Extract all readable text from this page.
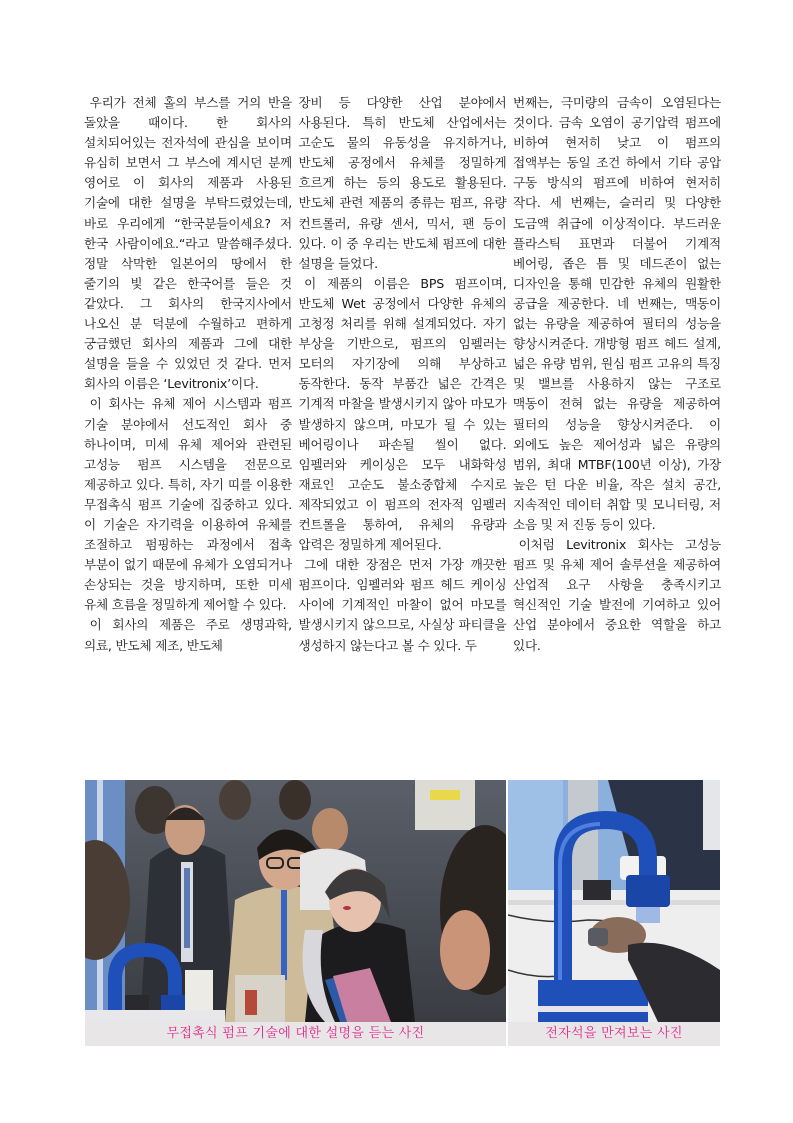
우리가 전체 홀의 부스를 거의 반을 돌았을 때이다. 한 회사의 설치되어있는 전자석에 관심을 보이며 유심히 보면서 그 부스에 계시던 분께 영어로 이 회사의 제품과 사용된 기술에 대한 설명을 부탁드렸었는데, 바로 우리에게 “한국분들이세요? 저 한국 사람이에요.“라고 말씀해주셨다. 정말 삭막한 일본어의 땅에서 한 줄기의 빛 같은 한국어를 들은 것 같았다. 그 회사의 한국지사에서 나오신 분 덕분에 수월하고 편하게 궁금했던 회사의 제품과 그에 대한 설명을 들을 수 있었던 것 같다. 먼저 회사의 이름은 ‘Levitronix’이다.

이 회사는 유체 제어 시스템과 펌프 기술 분야에서 선도적인 회사 중 하나이며, 미세 유체 제어와 관련된 고성능 펌프 시스템을 전문으로 제공하고 있다. 특히, 자기 띠를 이용한 무접촉식 펌프 기술에 집중하고 있다. 이 기술은 자기력을 이용하여 유체를 조절하고 펌핑하는 과정에서 접촉 부분이 없기 때문에 유체가 오염되거나 손상되는 것을 방지하며, 또한 미세 유체 흐름을 정밀하게 제어할 수 있다.

이 회사의 제품은 주로 생명과학, 의료, 반도체 제조, 반도체

장비 등 다양한 산업 분야에서 사용된다. 특히 반도체 산업에서는 고순도 물의 유동성을 유지하거나, 반도체 공정에서 유체를 정밀하게 흐르게 하는 등의 용도로 활용된다. 반도체 관련 제품의 종류는 펌프, 유량 컨트롤러, 유량 센서, 믹서, 팬 등이 있다. 이 중 우리는 반도체 펌프에 대한 설명을 들었다.

이 제품의 이름은 BPS 펌프이며, 반도체 Wet 공정에서 다양한 유체의 고청정 처리를 위해 설계되었다. 자기 부상을 기반으로, 펌프의 임펠러는 모터의 자기장에 의해 부상하고 동작한다. 동작 부품간 넓은 간격은 기계적 마찰을 발생시키지 않아 마모가 발생하지 않으며, 마모가 될 수 있는 베어링이나 파손될 씰이 없다. 임펠러와 케이싱은 모두 내화학성 재료인 고순도 불소중합체 수지로 제작되었고 이 펌프의 전자적 임펠러 컨트롤을 통하여, 유체의 유량과 압력은 정밀하게 제어된다.

그에 대한 장점은 먼저 가장 깨끗한 펌프이다. 임펠러와 펌프 헤드 케이싱 사이에 기계적인 마찰이 없어 마모를 발생시키지 않으므로, 사실상 파티클을 생성하지 않는다고 볼 수 있다. 두

번째는, 극미량의 금속이 오염된다는 것이다. 금속 오염이 공기압력 펌프에 비하여 현저히 낮고 이 펌프의 접액부는 동일 조건 하에서 기타 공압 구동 방식의 펌프에 비하여 현저히 작다. 세 번째는, 슬러리 및 다양한 도금액 취급에 이상적이다. 부드러운 플라스틱 표면과 더불어 기계적 베어링, 좁은 틈 및 데드존이 없는 디자인을 통해 민감한 유체의 원활한 공급을 제공한다. 네 번째는, 맥동이 없는 유량을 제공하여 필터의 성능을 향상시켜준다. 개방형 펌프 헤드 설계, 넓은 유량 범위, 원심 펌프 고유의 특징 및 밸브를 사용하지 않는 구조로 맥동이 전혀 없는 유량을 제공하여 필터의 성능을 향상시켜준다. 이 외에도 높은 제어성과 넓은 유량의 범위, 최대 MTBF(100년 이상), 가장 높은 턴 다운 비율, 작은 설치 공간, 지속적인 데이터 취합 및 모니터링, 저 소음 및 저 진동 등이 있다.

이처럼 Levitronix 회사는 고성능 펌프 및 유체 제어 솔루션을 제공하여 산업적 요구 사항을 충족시키고 혁신적인 기술 발전에 기여하고 있어 산업 분야에서 중요한 역할을 하고 있다.

무접촉식 펌프 기술에 대한 설명을 듣는 사진	전자석을 만져보는 사진
